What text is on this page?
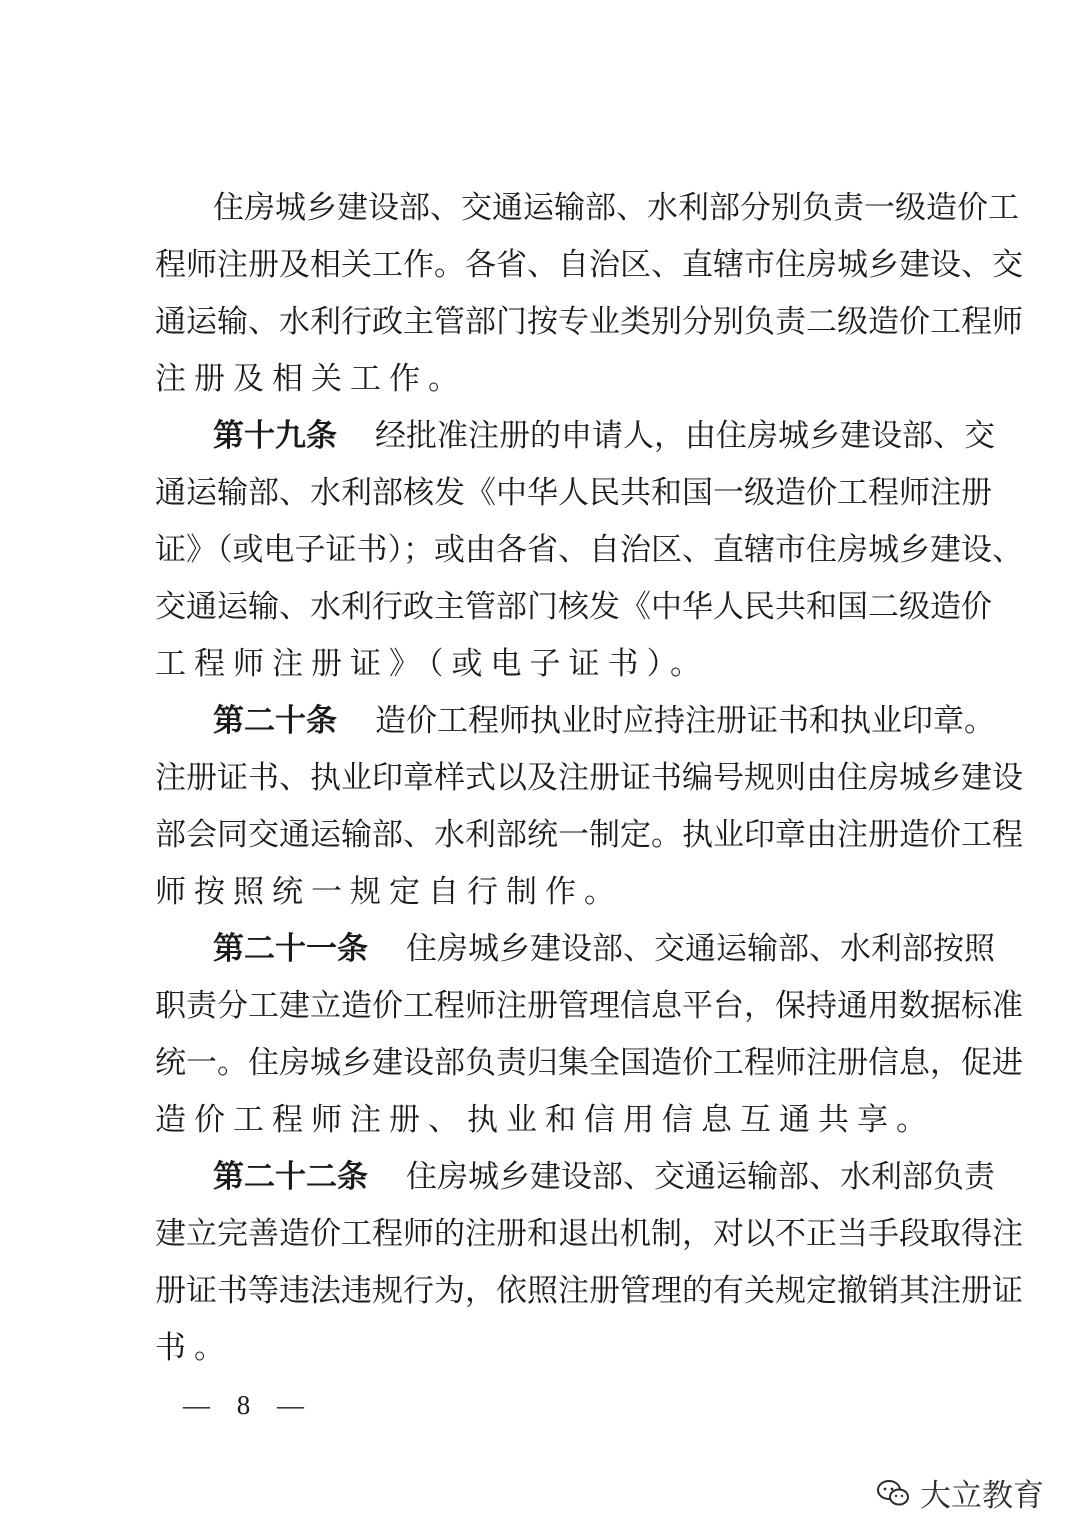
住房城乡建设部、交通运输部、水利部分别负责一级造价工
程师注册及相关工作。各省、自治区、直辖市住房城乡建设、交
通运输、水利行政主管部门按专业类别分别负责二级造价工程师
注册及相关工作。
第十九条 经批准注册的申请人，由住房城乡建设部、交
通运输部、水利部核发《中华人民共和国一级造价工程师注册
证》（或电子证书）；或由各省、自治区、直辖市住房城乡建设、
交通运输、水利行政主管部门核发《中华人民共和国二级造价
工程师注册证》（或电子证书）。
第二十条 造价工程师执业时应持注册证书和执业印章。
注册证书、执业印章样式以及注册证书编号规则由住房城乡建设
部会同交通运输部、水利部统一制定。执业印章由注册造价工程
师按照统一规定自行制作。
第二十一条 住房城乡建设部、交通运输部、水利部按照
职责分工建立造价工程师注册管理信息平台，保持通用数据标准
统一。住房城乡建设部负责归集全国造价工程师注册信息，促进
造价工程师注册、执业和信用信息互通共享。
第二十二条 住房城乡建设部、交通运输部、水利部负责
建立完善造价工程师的注册和退出机制，对以不正当手段取得注
册证书等违法违规行为，依照注册管理的有关规定撤销其注册证
书。
— 8 —
大立教育
